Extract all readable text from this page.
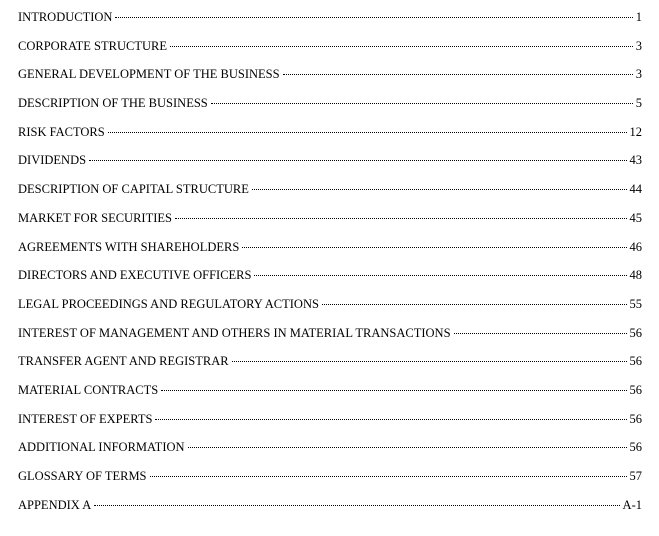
INTRODUCTION	1
CORPORATE STRUCTURE	3
GENERAL DEVELOPMENT OF THE BUSINESS	3
DESCRIPTION OF THE BUSINESS	5
RISK FACTORS	12
DIVIDENDS	43
DESCRIPTION OF CAPITAL STRUCTURE	44
MARKET FOR SECURITIES	45
AGREEMENTS WITH SHAREHOLDERS	46
DIRECTORS AND EXECUTIVE OFFICERS	48
LEGAL PROCEEDINGS AND REGULATORY ACTIONS	55
INTEREST OF MANAGEMENT AND OTHERS IN MATERIAL TRANSACTIONS	56
TRANSFER AGENT AND REGISTRAR	56
MATERIAL CONTRACTS	56
INTEREST OF EXPERTS	56
ADDITIONAL INFORMATION	56
GLOSSARY OF TERMS	57
APPENDIX A	A-1
